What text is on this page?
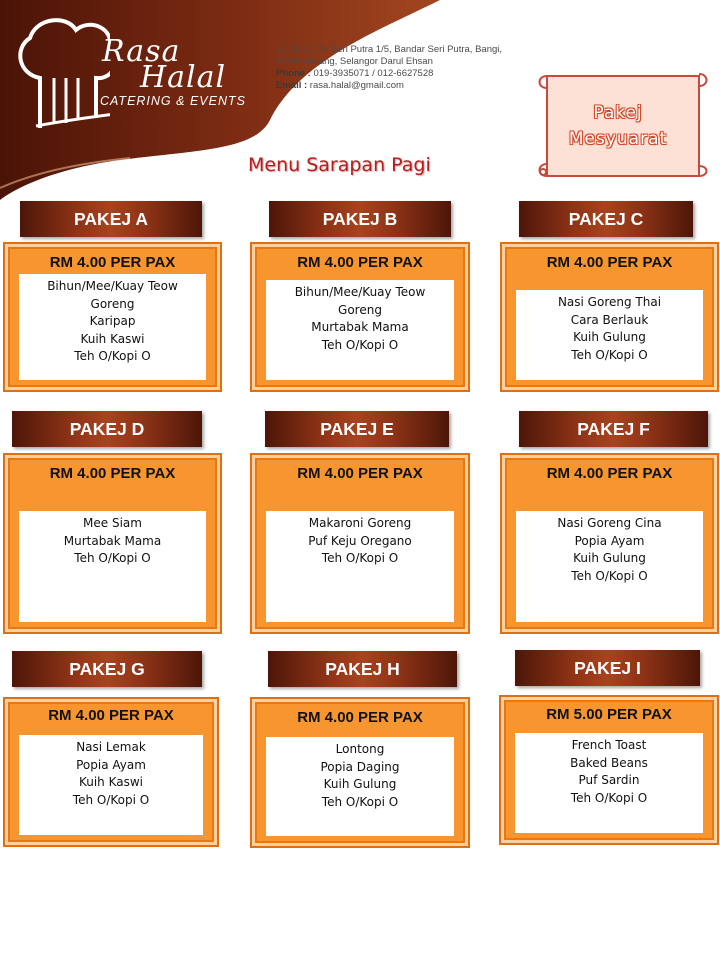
Rasa
Halal
CATERING & EVENTS
Lot 10-2, Jln Seri Putra 1/5, Bandar Seri Putra, Bangi,
43000 Kajang, Selangor Darul Ehsan
Phone : 019-3935071 / 012-6627528
Email : rasa.halal@gmail.com
Pakej
Mesyuarat
Menu Sarapan Pagi
PAKEJ A
RM 4.00 PER PAX
Bihun/Mee/Kuay Teow
Goreng
Karipap
Kuih Kaswi
Teh O/Kopi O
PAKEJ B
RM 4.00 PER PAX
Bihun/Mee/Kuay Teow
Goreng
Murtabak Mama
Teh O/Kopi O
PAKEJ C
RM 4.00 PER PAX
Nasi Goreng Thai
Cara Berlauk
Kuih Gulung
Teh O/Kopi O
PAKEJ D
RM 4.00 PER PAX
Mee Siam
Murtabak Mama
Teh O/Kopi O
PAKEJ E
RM 4.00 PER PAX
Makaroni Goreng
Puf Keju Oregano
Teh O/Kopi O
PAKEJ F
RM 4.00 PER PAX
Nasi Goreng Cina
Popia Ayam
Kuih Gulung
Teh O/Kopi O
PAKEJ G
RM 4.00 PER PAX
Nasi Lemak
Popia Ayam
Kuih Kaswi
Teh O/Kopi O
PAKEJ H
RM 4.00 PER PAX
Lontong
Popia Daging
Kuih Gulung
Teh O/Kopi O
PAKEJ I
RM 5.00 PER PAX
French Toast
Baked Beans
Puf Sardin
Teh O/Kopi O
